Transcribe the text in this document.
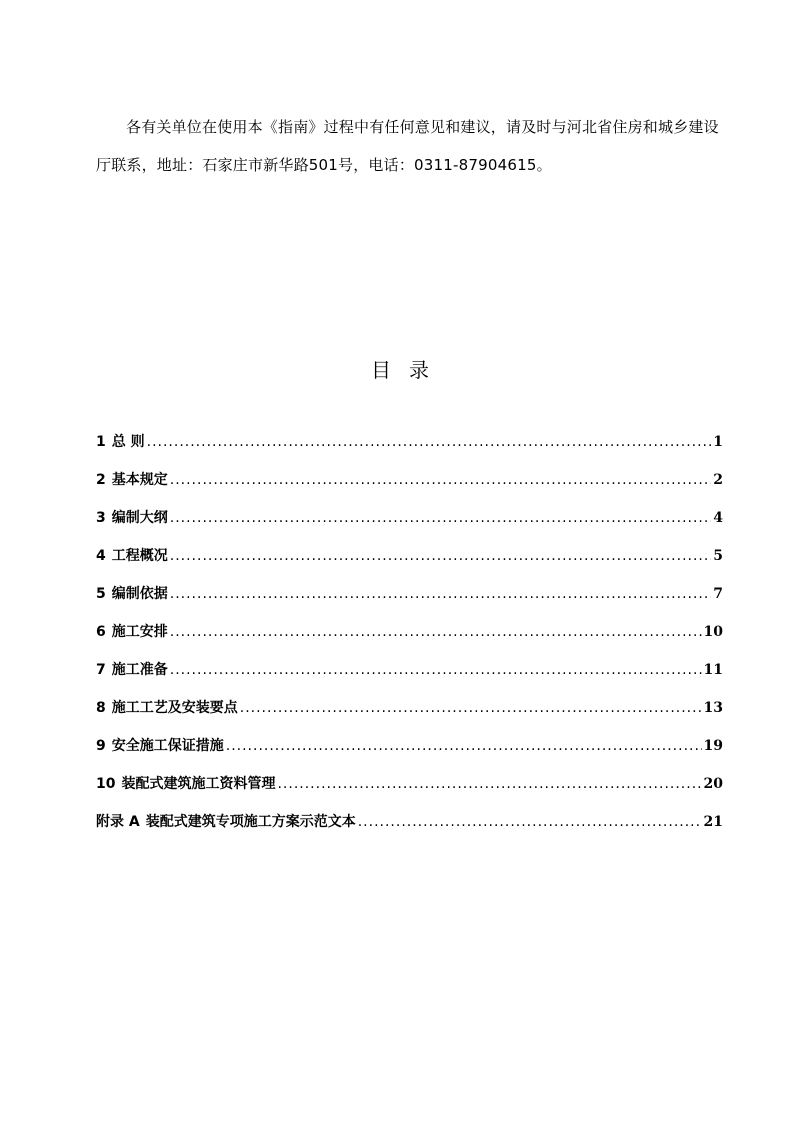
各有关单位在使用本《指南》过程中有任何意见和建议，请及时与河北省住房和城乡建设厅联系，地址：石家庄市新华路501号，电话：0311-87904615。

目录
1 总 则 .....	1
2 基本规定 .....	2
3 编制大纲 .....	4
4 工程概况 .....	5
5 编制依据 .....	7
6 施工安排 .....	10
7 施工准备 .....	11
8 施工工艺及安装要点 .....	13
9 安全施工保证措施 .....	19
10 装配式建筑施工资料管理 .....	20
附录 A 装配式建筑专项施工方案示范文本 .....	21
